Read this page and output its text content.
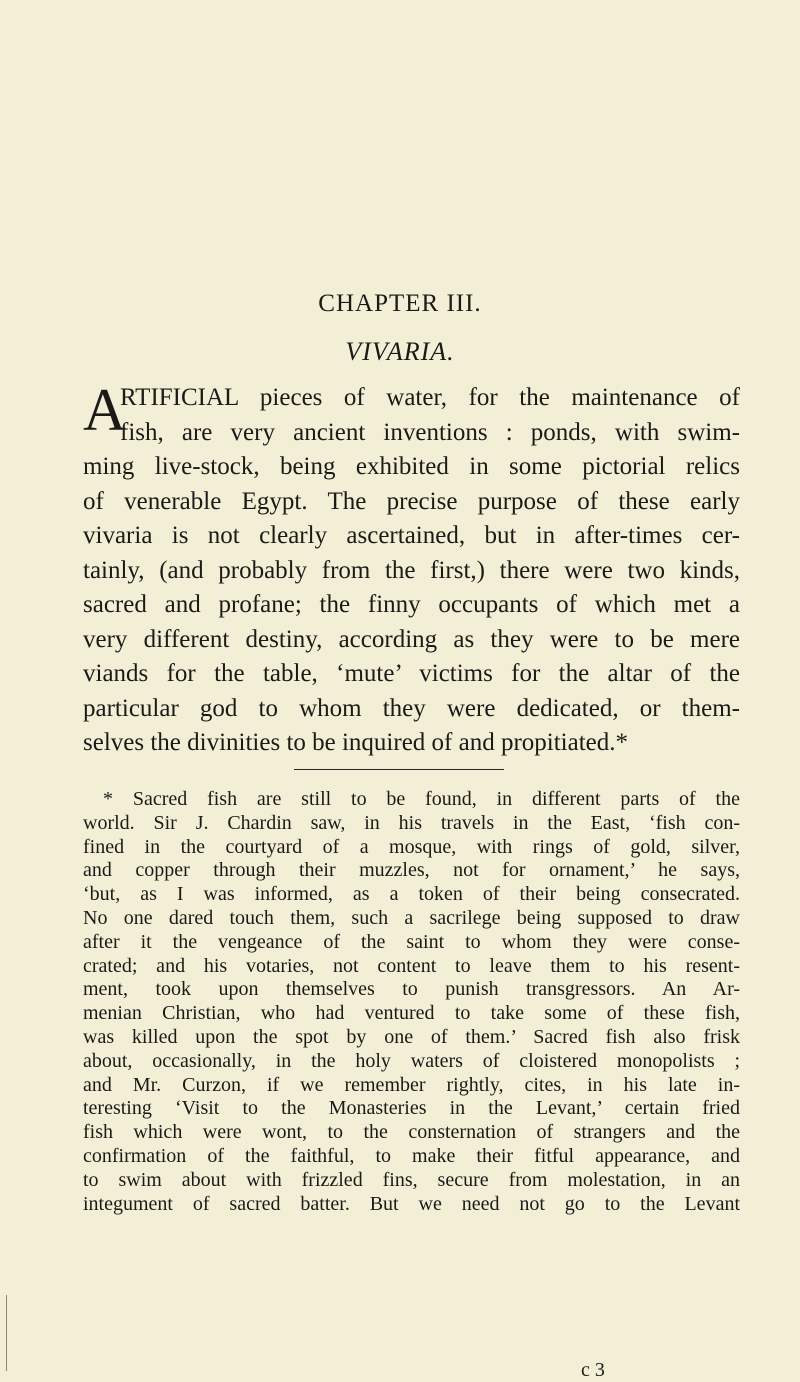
CHAPTER III.
VIVARIA.
A
RTIFICIAL pieces of water, for the maintenance of
fish, are very ancient inventions : ponds, with swim-
ming live-stock, being exhibited in some pictorial relics
of venerable Egypt. The precise purpose of these early
vivaria is not clearly ascertained, but in after-times cer-
tainly, (and probably from the first,) there were two kinds,
sacred and profane; the finny occupants of which met a
very different destiny, according as they were to be mere
viands for the table, ‘mute’ victims for the altar of the
particular god to whom they were dedicated, or them-
selves the divinities to be inquired of and propitiated.*
* Sacred fish are still to be found, in different parts of the
world. Sir J. Chardin saw, in his travels in the East, ‘fish con-
fined in the courtyard of a mosque, with rings of gold, silver,
and copper through their muzzles, not for ornament,’ he says,
‘but, as I was informed, as a token of their being consecrated.
No one dared touch them, such a sacrilege being supposed to draw
after it the vengeance of the saint to whom they were conse-
crated; and his votaries, not content to leave them to his resent-
ment, took upon themselves to punish transgressors. An Ar-
menian Christian, who had ventured to take some of these fish,
was killed upon the spot by one of them.’ Sacred fish also frisk
about, occasionally, in the holy waters of cloistered monopolists ;
and Mr. Curzon, if we remember rightly, cites, in his late in-
teresting ‘Visit to the Monasteries in the Levant,’ certain fried
fish which were wont, to the consternation of strangers and the
confirmation of the faithful, to make their fitful appearance, and
to swim about with frizzled fins, secure from molestation, in an
integument of sacred batter. But we need not go to the Levant
c 3
